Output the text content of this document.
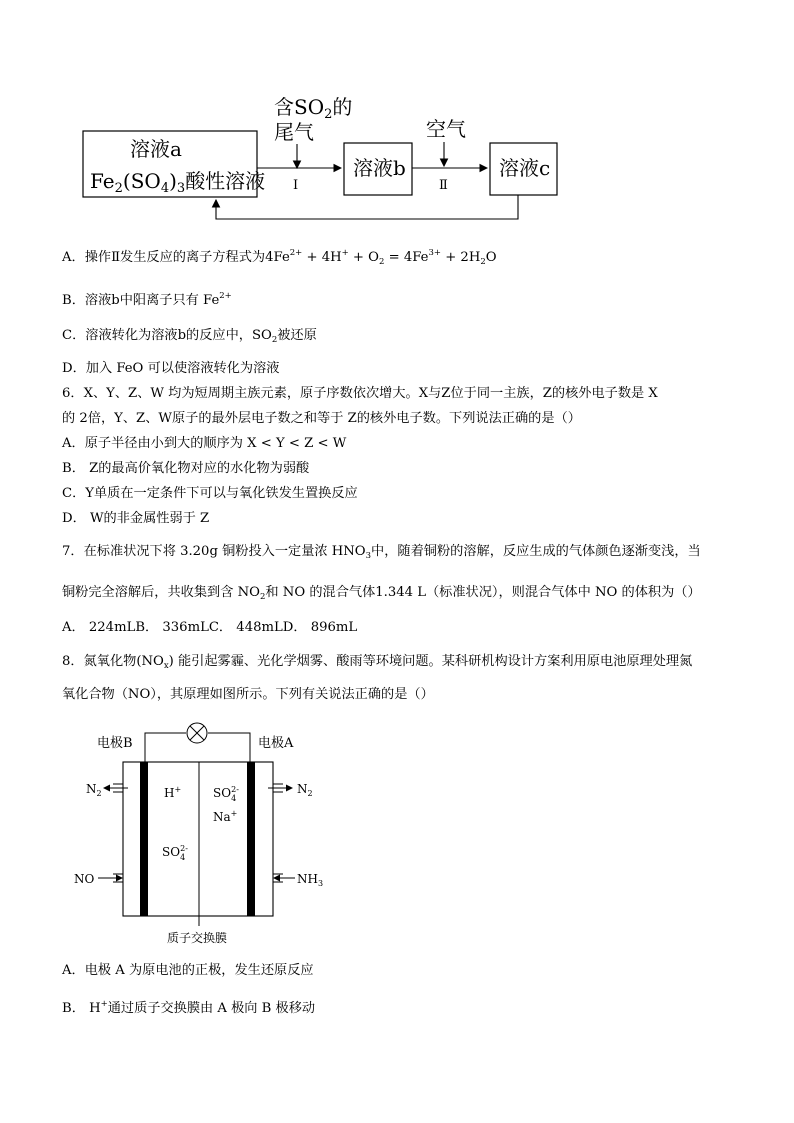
溶液a
$Fe_2(SO_4)_3$酸性溶液
含$SO_2$的
尾气
Ⅰ
溶液b
空气
Ⅱ
溶液c
A．操作Ⅱ发生反应的离子方程式为$4Fe^{2+} + 4H^+ + O_2 = 4Fe^{3+} + 2H_2O$
B．溶液b中阳离子只有 $Fe^{2+}$
C．溶液转化为溶液b的反应中，$SO_2$被还原
D．加入 FeO 可以使溶液转化为溶液
6．X、Y、Z、W 均为短周期主族元素，原子序数依次增大。X与Z位于同一主族，Z的核外电子数是 X
的 2倍，Y、Z、W原子的最外层电子数之和等于 Z的核外电子数。下列说法正确的是（）
A．原子半径由小到大的顺序为 X < Y < Z < W
B． Z的最高价氧化物对应的水化物为弱酸
C．Y单质在一定条件下可以与氧化铁发生置换反应
D． W的非金属性弱于 Z
7．在标准状况下将 3.20g 铜粉投入一定量浓 $HNO_3$中，随着铜粉的溶解，反应生成的气体颜色逐渐变浅，当
铜粉完全溶解后，共收集到含 $NO_2$和 NO 的混合气体1.344 L（标准状况），则混合气体中 NO 的体积为（）
A． 224mLB． 336mLC． 448mLD． 896mL
8．氮氧化物$(NO_x)$ 能引起雾霾、光化学烟雾、酸雨等环境问题。某科研机构设计方案利用原电池原理处理氮
氧化合物（NO），其原理如图所示。下列有关说法正确的是（）
电极B	电极A
H+
$SO_42-$
$SO_42-$
Na+
$N_2$
NO
$N_2$
$NH_3$
质子交换膜
A．电极 A 为原电池的正极，发生还原反应
B． H+通过质子交换膜由 A 极向 B 极移动
